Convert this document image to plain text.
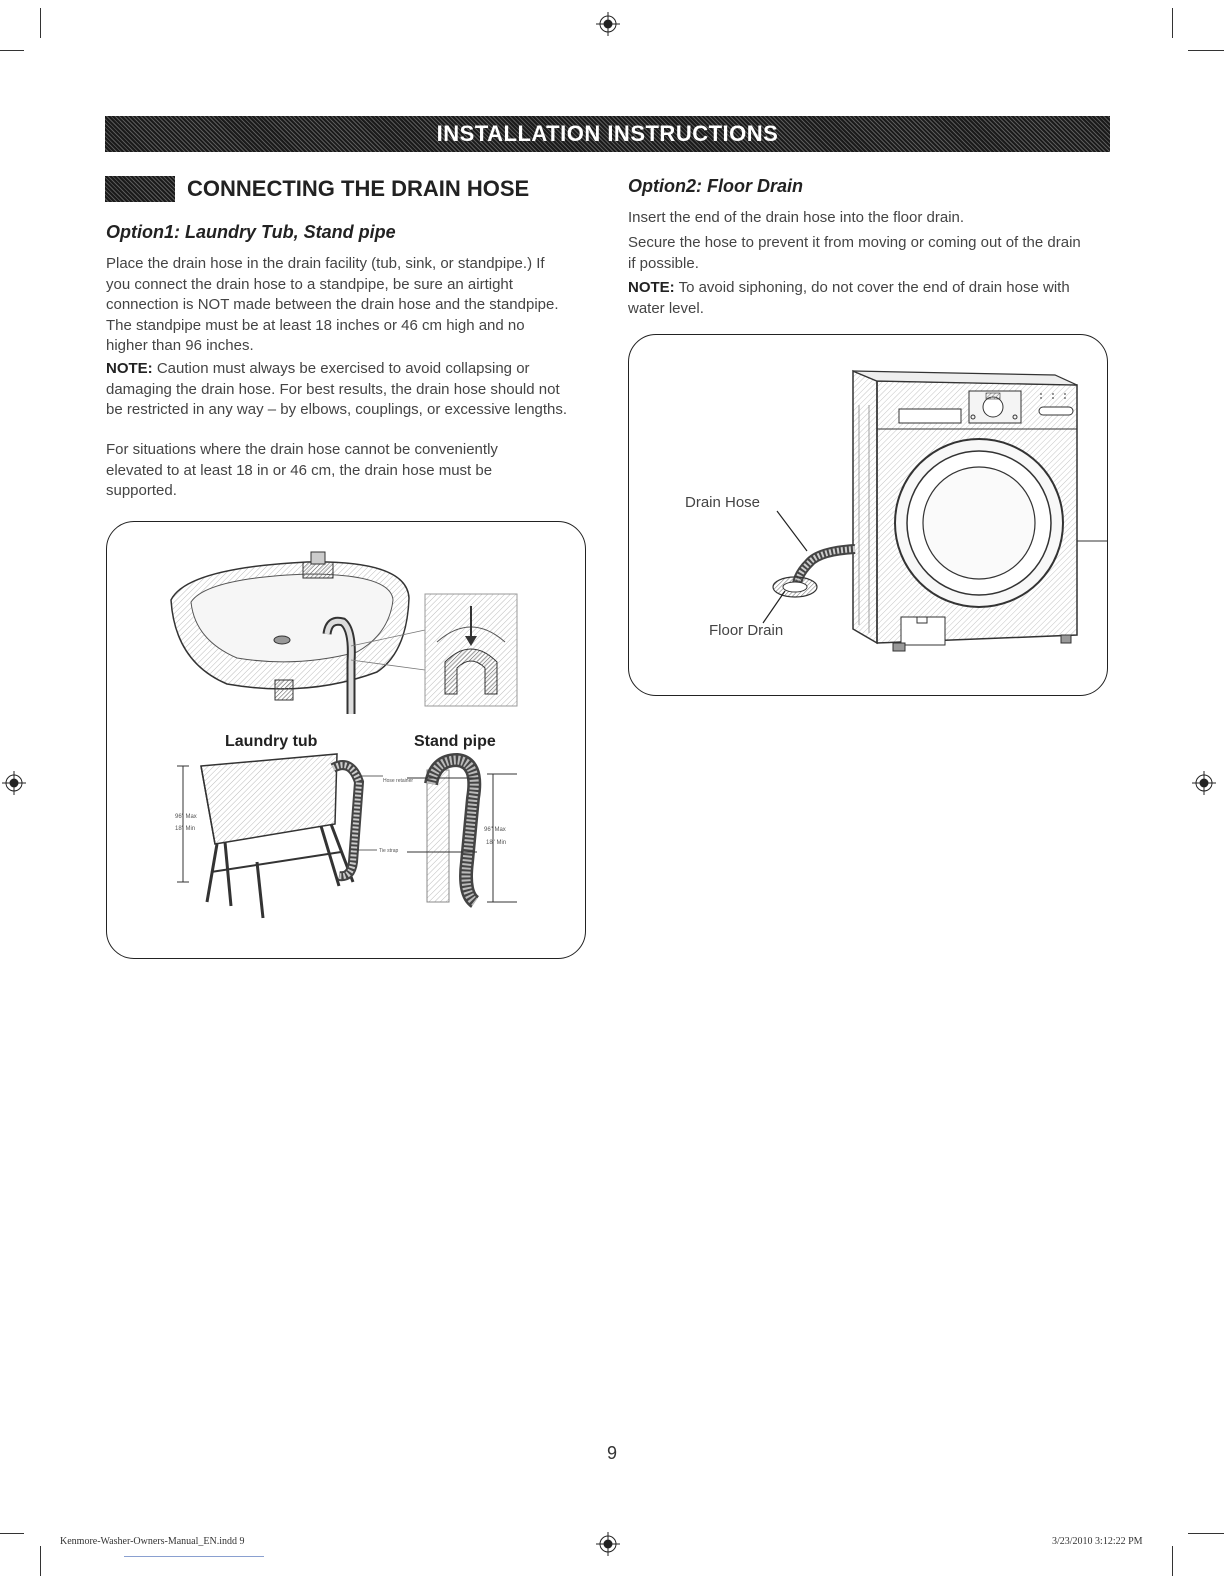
INSTALLATION INSTRUCTIONS
CONNECTING THE DRAIN HOSE
Option1: Laundry Tub, Stand pipe

Place the drain hose in the drain facility (tub, sink, or standpipe.) If you connect the drain hose to a standpipe, be sure an airtight connection is NOT made between the drain hose and the standpipe. The standpipe must be at least 18 inches or 46 cm high and no higher than 96 inches.

NOTE: Caution must always be exercised to avoid collapsing or damaging the drain hose. For best results, the drain hose should not be restricted in any way – by elbows, couplings, or excessive lengths.

For situations where the drain hose cannot be conveniently elevated to at least 18 in or 46 cm, the drain hose must be supported.

Laundry tub	Stand pipe
96" Max
18" Min
Hose retainer
Tie strap
96" Max
18" Min
Option2: Floor Drain

Insert the end of the drain hose into the floor drain.

Secure the hose to prevent it from moving or coming out of the drain if possible.

NOTE: To avoid siphoning, do not cover the end of drain hose with water level.

Drain Hose
Floor Drain
9
Kenmore-Washer-Owners-Manual_EN.indd 9	3/23/2010 3:12:22 PM
